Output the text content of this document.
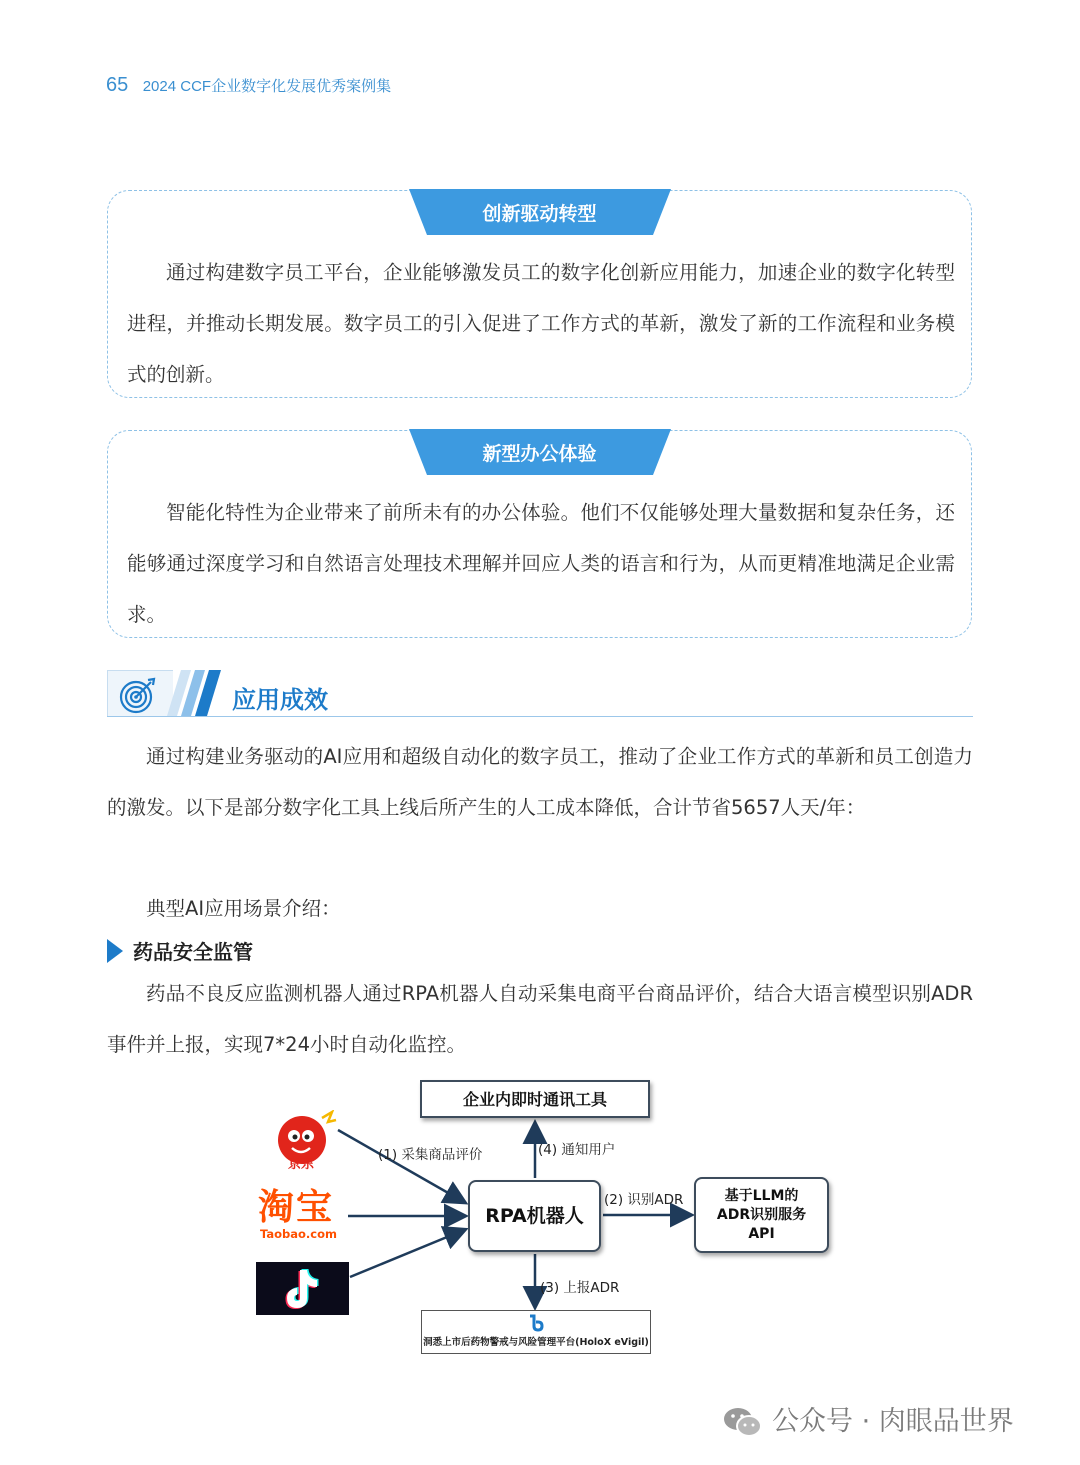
65 2024 CCF企业数字化发展优秀案例集
创新驱动转型
通过构建数字员工平台，企业能够激发员工的数字化创新应用能力，加速企业的数字化转型进程，并推动长期发展。数字员工的引入促进了工作方式的革新，激发了新的工作流程和业务模式的创新。
新型办公体验
智能化特性为企业带来了前所未有的办公体验。他们不仅能够处理大量数据和复杂任务，还能够通过深度学习和自然语言处理技术理解并回应人类的语言和行为，从而更精准地满足企业需求。
应用成效
通过构建业务驱动的AI应用和超级自动化的数字员工，推动了企业工作方式的革新和员工创造力的激发。以下是部分数字化工具上线后所产生的人工成本降低，合计节省5657人天/年：
典型AI应用场景介绍：
药品安全监管
药品不良反应监测机器人通过RPA机器人自动采集电商平台商品评价，结合大语言模型识别ADR事件并上报，实现7*24小时自动化监控。
企业内即时通讯工具
RPA机器人
基于LLM的
ADR识别服务
API
洞悉上市后药物警戒与风险管理平台(HoloX eVigil)
(1) 采集商品评价	(4) 通知用户
(2) 识别ADR
(3) 上报ADR
京东
淘宝
Taobao.com
公众号 · 肉眼品世界
